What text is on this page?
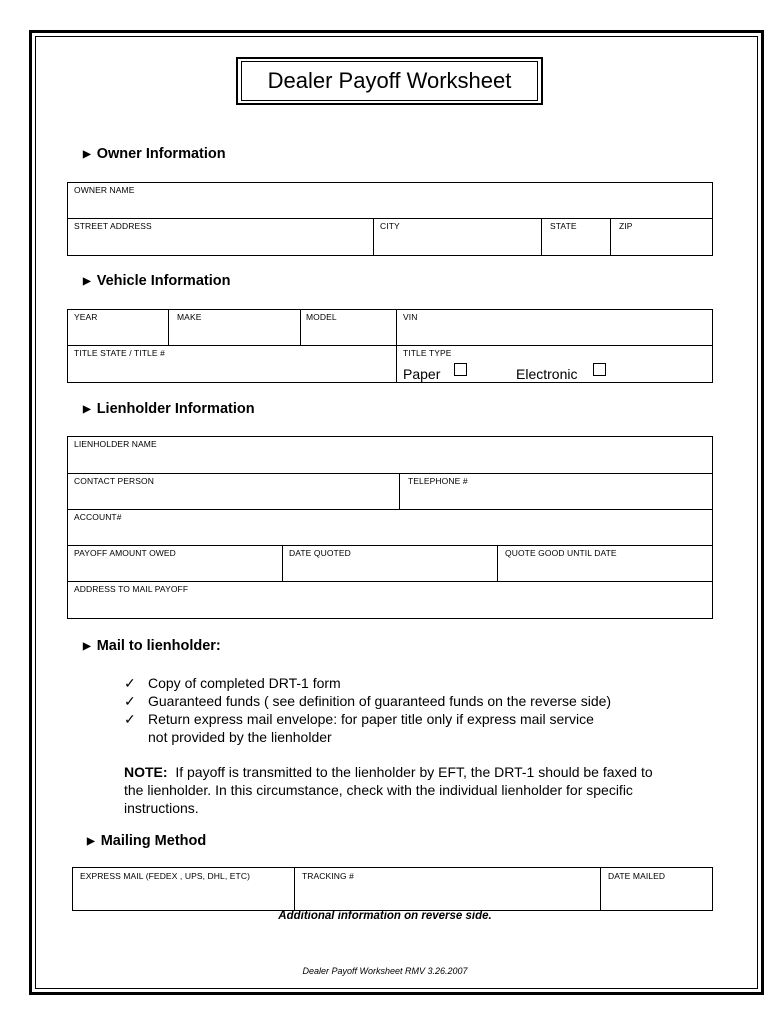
Dealer Payoff Worksheet
▶ Owner Information
OWNER NAME
STREET ADDRESS	CITY	STATE	ZIP
▶ Vehicle Information
YEAR	MAKE	MODEL	VIN
TITLE STATE / TITLE #	TITLE TYPE
Paper	Electronic
▶ Lienholder Information
LIENHOLDER NAME
CONTACT PERSON	TELEPHONE #
ACCOUNT#
PAYOFF AMOUNT OWED	DATE QUOTED	QUOTE GOOD UNTIL DATE
ADDRESS TO MAIL PAYOFF
▶ Mail to lienholder:
✓ Copy of completed DRT-1 form
✓ Guaranteed funds ( see definition of guaranteed funds on the reverse side)
✓ Return express mail envelope: for paper title only if express mail service
not provided by the lienholder
NOTE: If payoff is transmitted to the lienholder by EFT, the DRT-1 should be faxed to the lienholder. In this circumstance, check with the individual lienholder for specific instructions.
▶ Mailing Method
EXPRESS MAIL (FEDEX , UPS, DHL, ETC)	TRACKING #	DATE MAILED
Additional information on reverse side.
Dealer Payoff Worksheet RMV 3.26.2007
